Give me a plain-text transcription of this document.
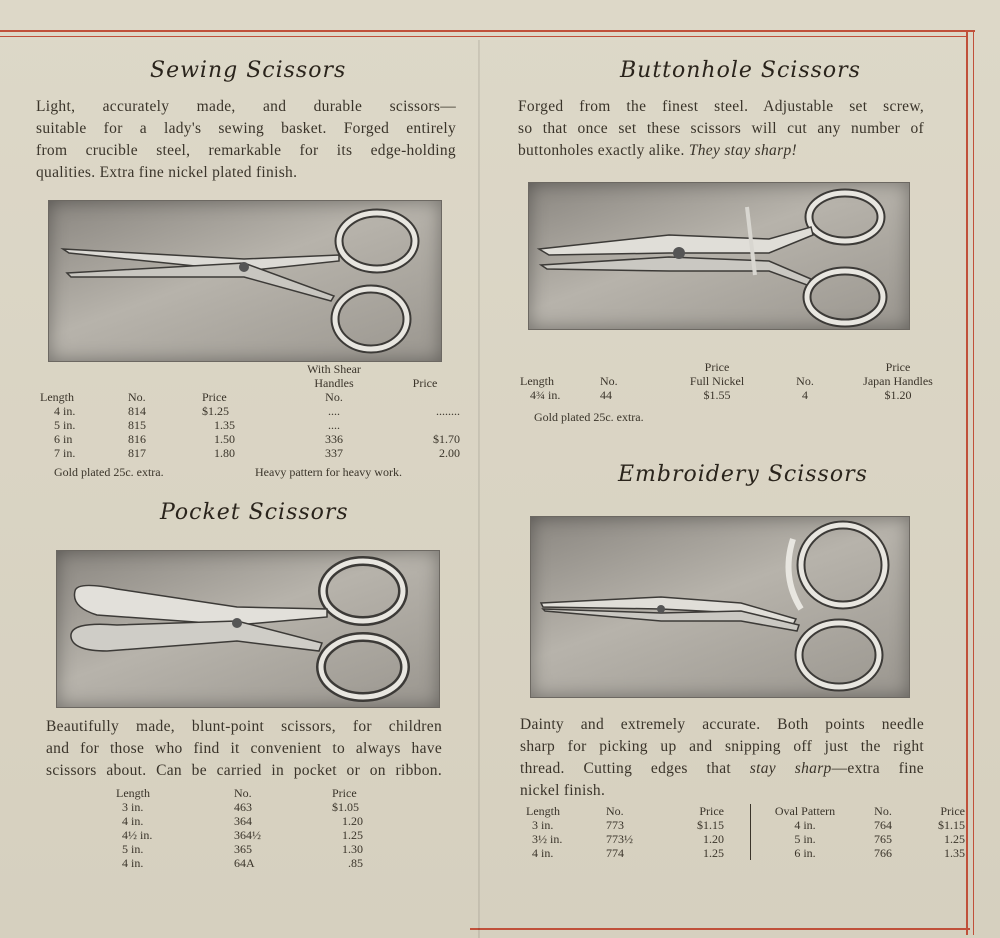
Sewing Scissors
Light, accurately made, and durable scissors—
suitable for a lady's sewing basket. Forged entirely
from crucible steel, remarkable for its edge-holding
qualities. Extra fine nickel plated finish.
			With Shear	
			Handles	Price
Length	No.	Price	No.	
4 in.	814	$1.25	....	........
5 in.	815	1.35	....	
6 in	816	1.50	336	$1.70
7 in.	817	1.80	337	2.00
Gold plated 25c. extra.	Heavy pattern for heavy work.
Pocket Scissors
Beautifully made, blunt-point scissors, for children
and for those who find it convenient to always have
scissors about. Can be carried in pocket or on ribbon.
Length	No.	Price
3 in.	463	$1.05
4 in.	364	1.20
4½ in.	364½	1.25
5 in.	365	1.30
4 in.	64A	.85
Buttonhole Scissors
Forged from the finest steel. Adjustable set screw,
so that once set these scissors will cut any number of
buttonholes exactly alike. They stay sharp!
		Price		Price
Length	No.	Full Nickel	No.	Japan Handles
4¾ in.	44	$1.55	4	$1.20
Gold plated 25c. extra.
Embroidery Scissors
Dainty and extremely accurate. Both points needle
sharp for picking up and snipping off just the right
thread. Cutting edges that stay sharp—extra fine
nickel finish.
Length	No.	Price		Oval Pattern	No.	Price
3 in.	773	$1.15		4 in.	764	$1.15
3½ in.	773½	1.20		5 in.	765	1.25
4 in.	774	1.25		6 in.	766	1.35
